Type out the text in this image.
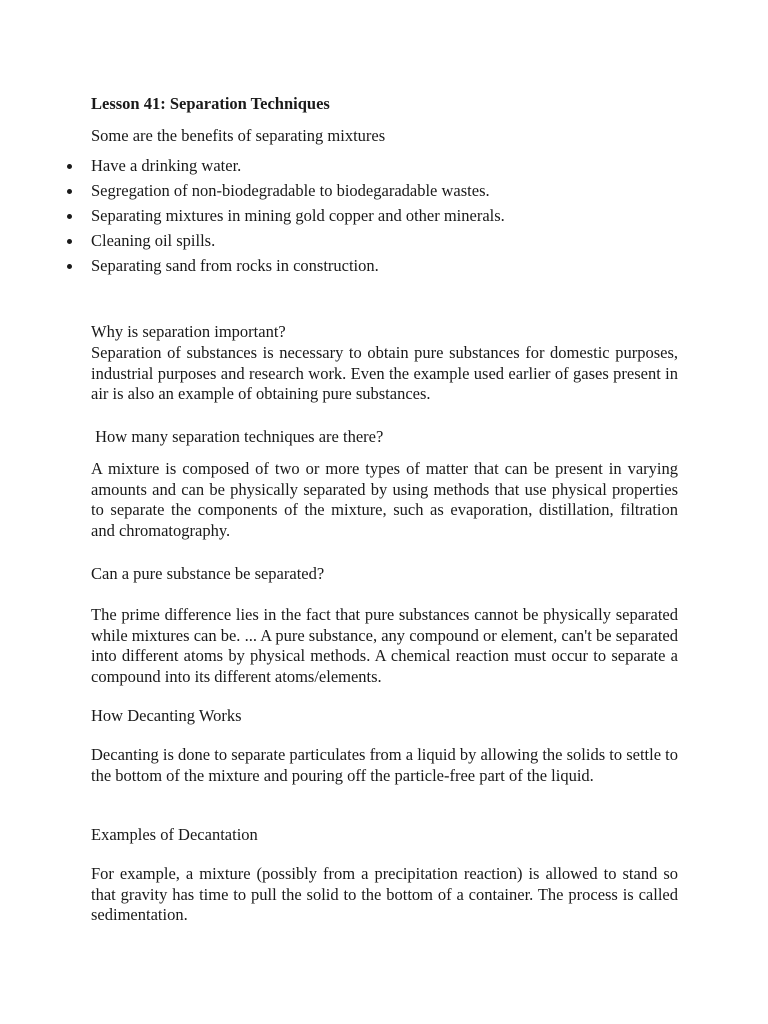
Lesson 41: Separation Techniques

Some are the benefits of separating mixtures

Have a drinking water.
Segregation of non-biodegradable to biodegaradable wastes.
Separating mixtures in mining gold copper and other minerals.
Cleaning oil spills.
Separating sand from rocks in construction.

Why is separation important?

Separation of substances is necessary to obtain pure substances for domestic purposes, industrial purposes and research work. Even the example used earlier of gases present in air is also an example of obtaining pure substances.

How many separation techniques are there?

A mixture is composed of two or more types of matter that can be present in varying amounts and can be physically separated by using methods that use physical properties to separate the components of the mixture, such as evaporation, distillation, filtration and chromatography.

Can a pure substance be separated?

The prime difference lies in the fact that pure substances cannot be physically separated while mixtures can be. ... A pure substance, any compound or element, can't be separated into different atoms by physical methods. A chemical reaction must occur to separate a compound into its different atoms/elements.

How Decanting Works

Decanting is done to separate particulates from a liquid by allowing the solids to settle to the bottom of the mixture and pouring off the particle-free part of the liquid.

Examples of Decantation

For example, a mixture (possibly from a precipitation reaction) is allowed to stand so that gravity has time to pull the solid to the bottom of a container. The process is called sedimentation.
